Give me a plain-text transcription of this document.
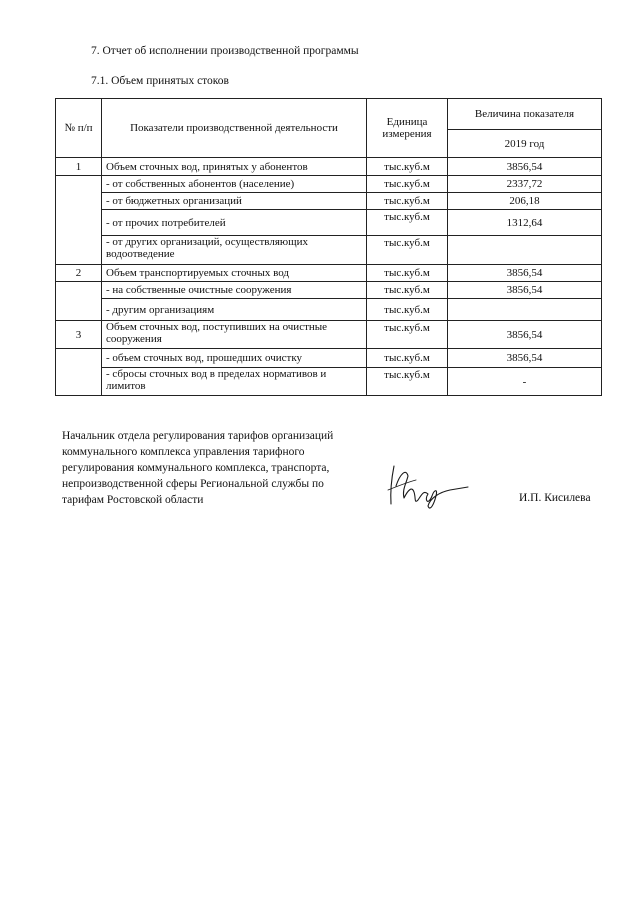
7. Отчет об исполнении производственной программы
7.1. Объем принятых стоков
№ п/п	Показатели производственной деятельности	Единица измерения	Величина показателя
			2019 год
1	Объем сточных вод, принятых у абонентов	тыс.куб.м	3856,54
	- от собственных абонентов (население)	тыс.куб.м	2337,72
	- от бюджетных организаций	тыс.куб.м	206,18
	- от прочих потребителей	тыс.куб.м	1312,64
	- от других организаций, осуществляющих водоотведение	тыс.куб.м	
2	Объем транспортируемых сточных вод	тыс.куб.м	3856,54
	- на собственные очистные сооружения	тыс.куб.м	3856,54
	- другим организациям	тыс.куб.м	
3	Объем сточных вод, поступивших на очистные сооружения	тыс.куб.м	3856,54
	- объем сточных вод, прошедших очистку	тыс.куб.м	3856,54
	- сбросы сточных вод в пределах нормативов и лимитов	тыс.куб.м	-
Начальник отдела регулирования тарифов организаций
коммунального комплекса управления тарифного
регулирования коммунального комплекса, транспорта,
непроизводственной сферы Региональной службы по
тарифам Ростовской области	И.П. Кисилева
